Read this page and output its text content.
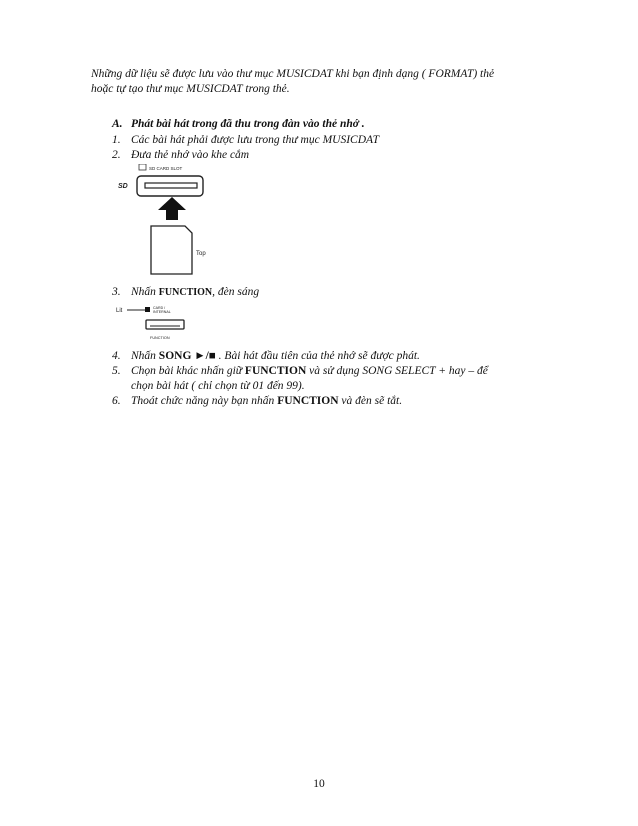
Những dữ liệu sẽ được lưu vào thư mục MUSICDAT khi bạn định dạng ( FORMAT) thẻ

hoặc tự tạo thư mục MUSICDAT trong thẻ.

A. Phát bài hát trong đã thu trong đàn vào thẻ nhớ .
1. Các bài hát phải được lưu trong thư mục MUSICDAT
2. Đưa thẻ nhớ vào khe cắm
SD CARD SLOT
SD
Top
3. Nhấn FUNCTION, đèn sáng
Lit	CARD /
INTERNAL
FUNCTION
4. Nhấn SONG ►/■ . Bài hát đầu tiên của thẻ nhớ sẽ được phát.
5. Chọn bài khác nhấn giữ FUNCTION và sử dụng SONG SELECT + hay – để
chọn bài hát ( chỉ chọn từ 01 đến 99).
6. Thoát chức năng này bạn nhấn FUNCTION và đèn sẽ tắt.
10
